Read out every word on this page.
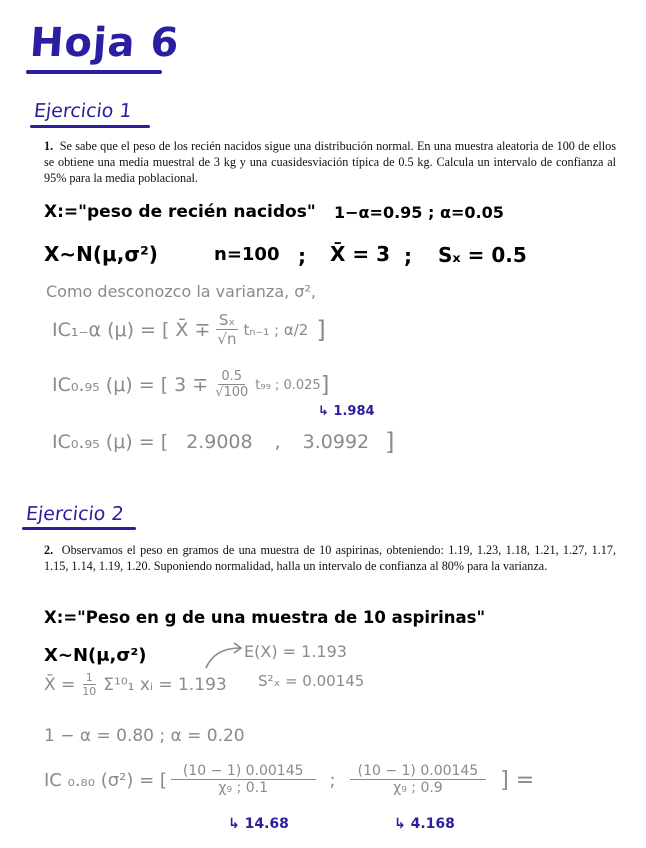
Hoja 6
Ejercicio 1
1. Se sabe que el peso de los recién nacidos sigue una distribución normal. En una muestra aleatoria de 100 de ellos se obtiene una media muestral de 3 kg y una cuasidesviación típica de 0.5 kg. Calcula un intervalo de confianza al 95% para la media poblacional.
X:="peso de recién nacidos" 1−α=0.95 ; α=0.05
X∼N(μ,σ²)	n=100 ; X̄ = 3 ; Sₓ = 0.5
Como desconozco la varianza, σ²,
IC₁₋α (μ) = [ X̄ ∓ $\frac{\text{Sₓ}}{√n} t_{n-1}$ ; α/2 ]
IC₀.₉₅ (μ) = [ $3 \mp \frac{0.5}{√100} t_{99}$ ; 0.025 ]
↳ 1.984
IC₀.₉₅ (μ) = [ 2.9008 , 3.0992 ]
Ejercicio 2
2. Observamos el peso en gramos de una muestra de 10 aspirinas, obteniendo: 1.19, 1.23, 1.18, 1.21, 1.27, 1.17, 1.15, 1.14, 1.19, 1.20. Suponiendo normalidad, halla un intervalo de confianza al 80% para la varianza.
X:="Peso en g de una muestra de 10 aspirinas"
X∼N(μ,σ²)	E(X) = 1.193
X̄ = $\frac{1}{10} \Sigma^{10}_1$ xᵢ = 1.193 S²ₓ = 0.00145
1 − α = 0.80 ; α = 0.20
IC ₀.₈₀ (σ²) = [ $\frac{(10 - 1) 0.00145}{\text{χ₉ ; 0.1}}$ ; $\frac{(10 - 1) 0.00145}{\text{χ₉ ; 0.9}}$ ] =
↳ 14.68	↳ 4.168
